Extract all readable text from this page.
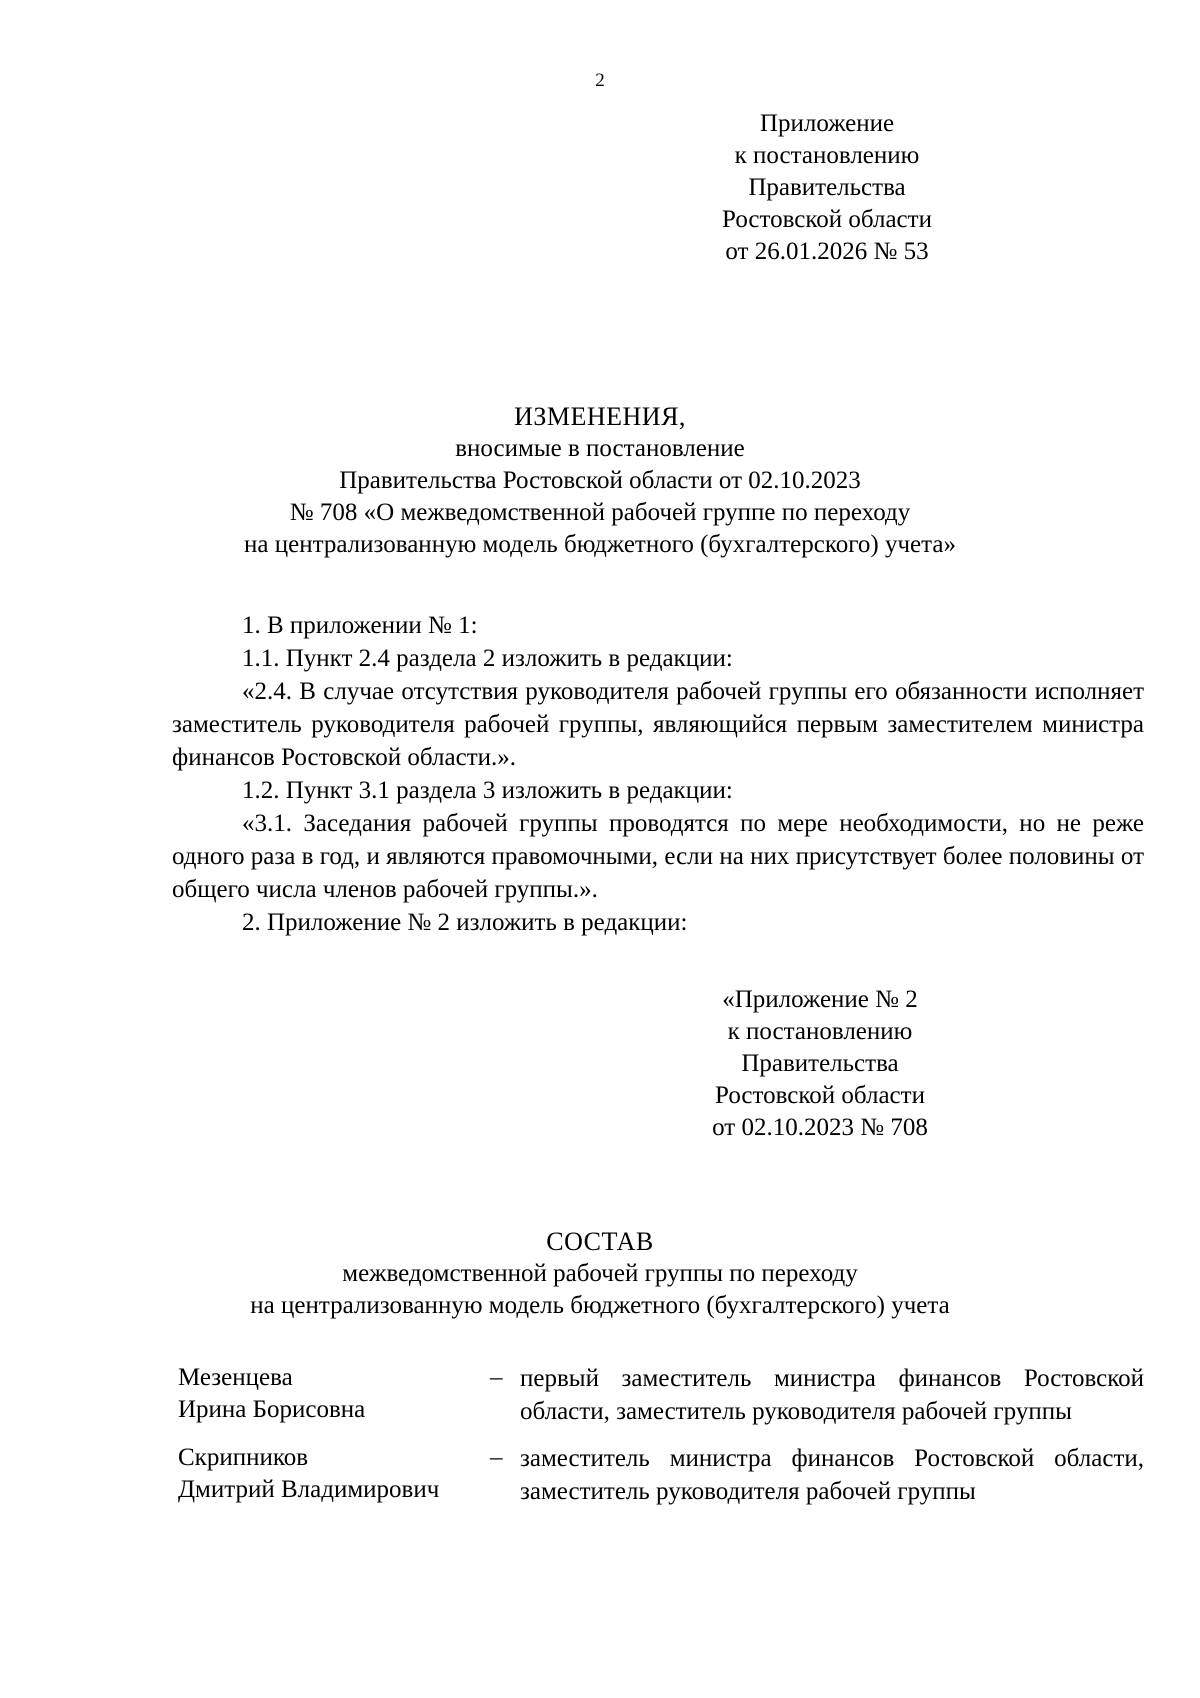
2
Приложение
к постановлению
Правительства
Ростовской области
от 26.01.2026 № 53
ИЗМЕНЕНИЯ,
вносимые в постановление
Правительства Ростовской области от 02.10.2023
№ 708 «О межведомственной рабочей группе по переходу
на централизованную модель бюджетного (бухгалтерского) учета»

1. В приложении № 1:

1.1. Пункт 2.4 раздела 2 изложить в редакции:

«2.4. В случае отсутствия руководителя рабочей группы его обязанности исполняет заместитель руководителя рабочей группы, являющийся первым заместителем министра финансов Ростовской области.».

1.2. Пункт 3.1 раздела 3 изложить в редакции:

«3.1. Заседания рабочей группы проводятся по мере необходимости, но не реже одного раза в год, и являются правомочными, если на них присутствует более половины от общего числа членов рабочей группы.».

2. Приложение № 2 изложить в редакции:

«Приложение № 2
к постановлению
Правительства
Ростовской области
от 02.10.2023 № 708
СОСТАВ
межведомственной рабочей группы по переходу
на централизованную модель бюджетного (бухгалтерского) учета
Мезенцева
Ирина Борисовна
– первый заместитель министра финансов Ростовской области, заместитель руководителя рабочей группы
Скрипников
Дмитрий Владимирович
– заместитель министра финансов Ростовской области, заместитель руководителя рабочей группы
